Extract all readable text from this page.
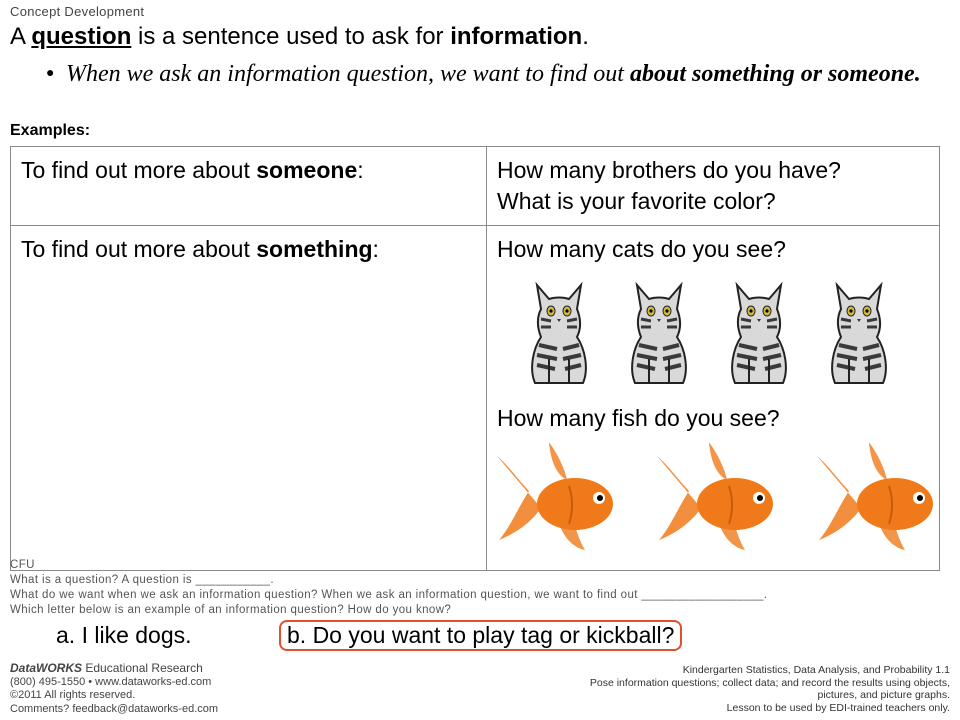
Concept Development
A question is a sentence used to ask for information.
● When we ask an information question, we want to find out about something or someone.
Examples:
To find out more about someone:	How many brothers do you have?
What is your favorite color?

To find out more about something:	How many cats do you see?
How many fish do you see?
CFU
What is a question? A question is ___________.
What do we want when we ask an information question? When we ask an information question, we want to find out __________________.
Which letter below is an example of an information question? How do you know?
a. I like dogs.	b. Do you want to play tag or kickball?
DataWORKS Educational Research
(800) 495-1550 • www.dataworks-ed.com
©2011 All rights reserved.
Comments? feedback@dataworks-ed.com
Kindergarten Statistics, Data Analysis, and Probability 1.1
Pose information questions; collect data; and record the results using objects,
pictures, and picture graphs.
Lesson to be used by EDI-trained teachers only.
